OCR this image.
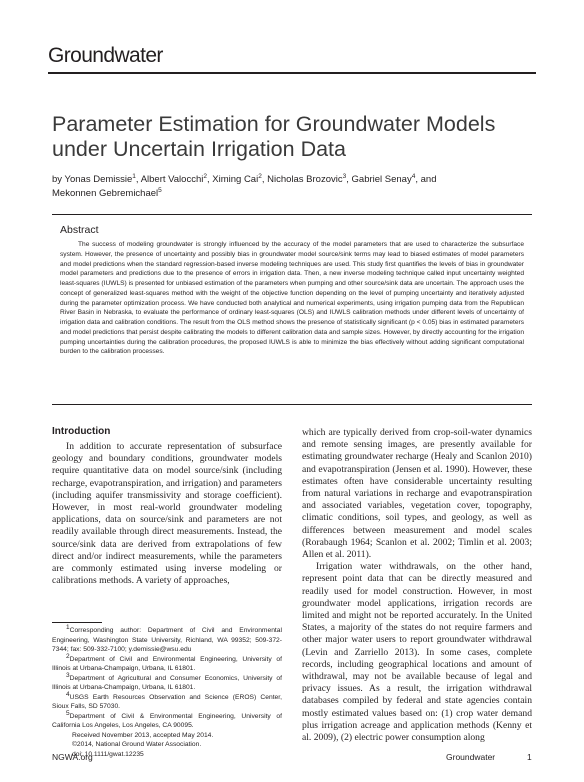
Groundwater
Parameter Estimation for Groundwater Models under Uncertain Irrigation Data
by Yonas Demissie$^1$, Albert Valocchi$^2$, Ximing Cai$^2$, Nicholas Brozovic$^3$, Gabriel Senay$^4$, and
Mekonnen Gebremichael$^5$
Abstract

The success of modeling groundwater is strongly influenced by the accuracy of the model parameters that are used to characterize the subsurface system. However, the presence of uncertainty and possibly bias in groundwater model source/sink terms may lead to biased estimates of model parameters and model predictions when the standard regression-based inverse modeling techniques are used. This study first quantifies the levels of bias in groundwater model parameters and predictions due to the presence of errors in irrigation data. Then, a new inverse modeling technique called input uncertainty weighted least-squares (IUWLS) is presented for unbiased estimation of the parameters when pumping and other source/sink data are uncertain. The approach uses the concept of generalized least-squares method with the weight of the objective function depending on the level of pumping uncertainty and iteratively adjusted during the parameter optimization process. We have conducted both analytical and numerical experiments, using irrigation pumping data from the Republican River Basin in Nebraska, to evaluate the performance of ordinary least-squares (OLS) and IUWLS calibration methods under different levels of uncertainty of irrigation data and calibration conditions. The result from the OLS method shows the presence of statistically significant (p < 0.05) bias in estimated parameters and model predictions that persist despite calibrating the models to different calibration data and sample sizes. However, by directly accounting for the irrigation pumping uncertainties during the calibration procedures, the proposed IUWLS is able to minimize the bias effectively without adding significant computational burden to the calibration processes.

Introduction

In addition to accurate representation of subsurface geology and boundary conditions, groundwater models require quantitative data on model source/sink (including recharge, evapotranspiration, and irrigation) and parameters (including aquifer transmissivity and storage coefficient). However, in most real-world groundwater modeling applications, data on source/sink and parameters are not readily available through direct measurements. Instead, the source/sink data are derived from extrapolations of few direct and/or indirect measurements, while the parameters are commonly estimated using inverse modeling or calibrations methods. A variety of approaches,

which are typically derived from crop-soil-water dynamics and remote sensing images, are presently available for estimating groundwater recharge (Healy and Scanlon 2010) and evapotranspiration (Jensen et al. 1990). However, these estimates often have considerable uncertainty resulting from natural variations in recharge and evapotranspiration and associated variables, vegetation cover, topography, climatic conditions, soil types, and geology, as well as differences between measurement and model scales (Rorabaugh 1964; Scanlon et al. 2002; Timlin et al. 2003; Allen et al. 2011).

Irrigation water withdrawals, on the other hand, represent point data that can be directly measured and readily used for model construction. However, in most groundwater model applications, irrigation records are limited and might not be reported accurately. In the United States, a majority of the states do not require farmers and other major water users to report groundwater withdrawal (Levin and Zarriello 2013). In some cases, complete records, including geographical locations and amount of withdrawal, may not be available because of legal and privacy issues. As a result, the irrigation withdrawal databases compiled by federal and state agencies contain mostly estimated values based on: (1) crop water demand plus irrigation acreage and application methods (Kenny et al. 2009), (2) electric power consumption along

$^1$Corresponding author: Department of Civil and Environmental Engineering, Washington State University, Richland, WA 99352; 509-372-7344; fax: 509-332-7100; y.demissie@wsu.edu

$^2$Department of Civil and Environmental Engineering, University of Illinois at Urbana-Champaign, Urbana, IL 61801.

$^3$Department of Agricultural and Consumer Economics, University of Illinois at Urbana-Champaign, Urbana, IL 61801.

$^4$USGS Earth Resources Observation and Science (EROS) Center, Sioux Falls, SD 57030.

$^5$Department of Civil & Environmental Engineering, University of California Los Angeles, Los Angeles, CA 90095.

Received November 2013, accepted May 2014.

©2014, National Ground Water Association.

doi: 10.1111/gwat.12235

NGWA.org	Groundwater	1
